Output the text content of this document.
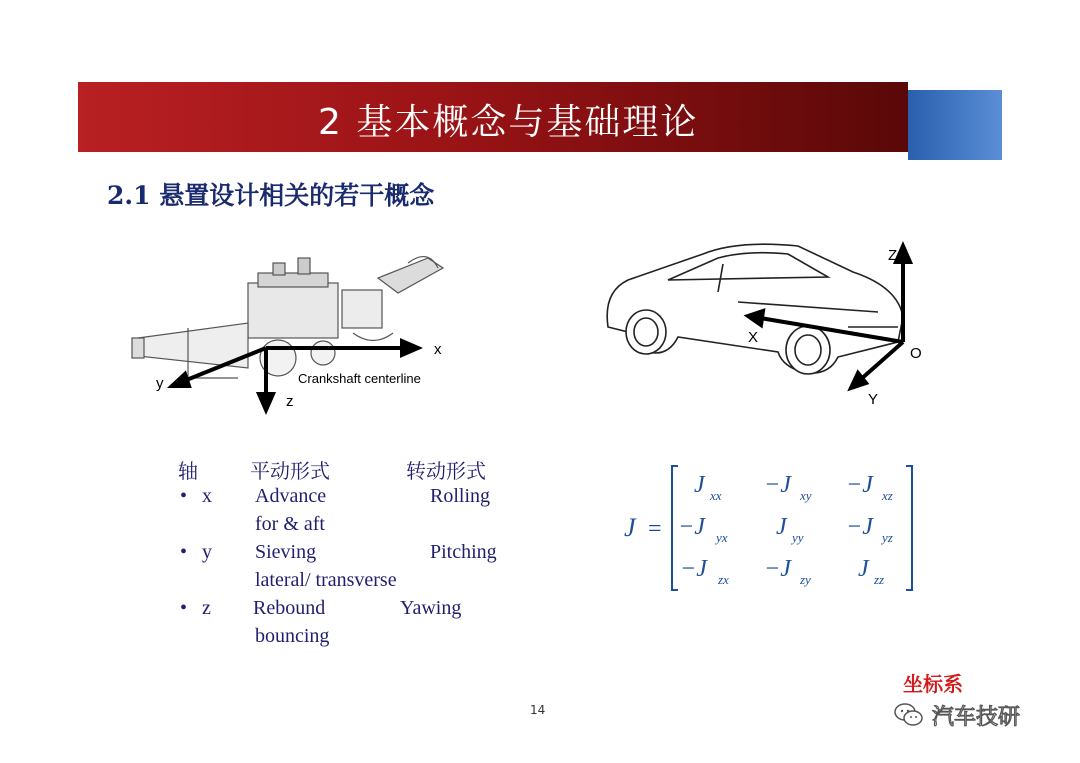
2 基本概念与基础理论
2.1 悬置设计相关的若干概念
x
y
z
Crankshaft centerline
Z
X
Y
O
轴	平动形式	转动形式
• x Advance
for & aft
Rolling
• y Sieving
lateral/ transverse
Pitching
• z Rebound
bouncing
Yawing
J =
J xx −J xy −J xz
−J yx J yy −J yz
−J zx −J zy J zz
14
坐标系
汽车技研
